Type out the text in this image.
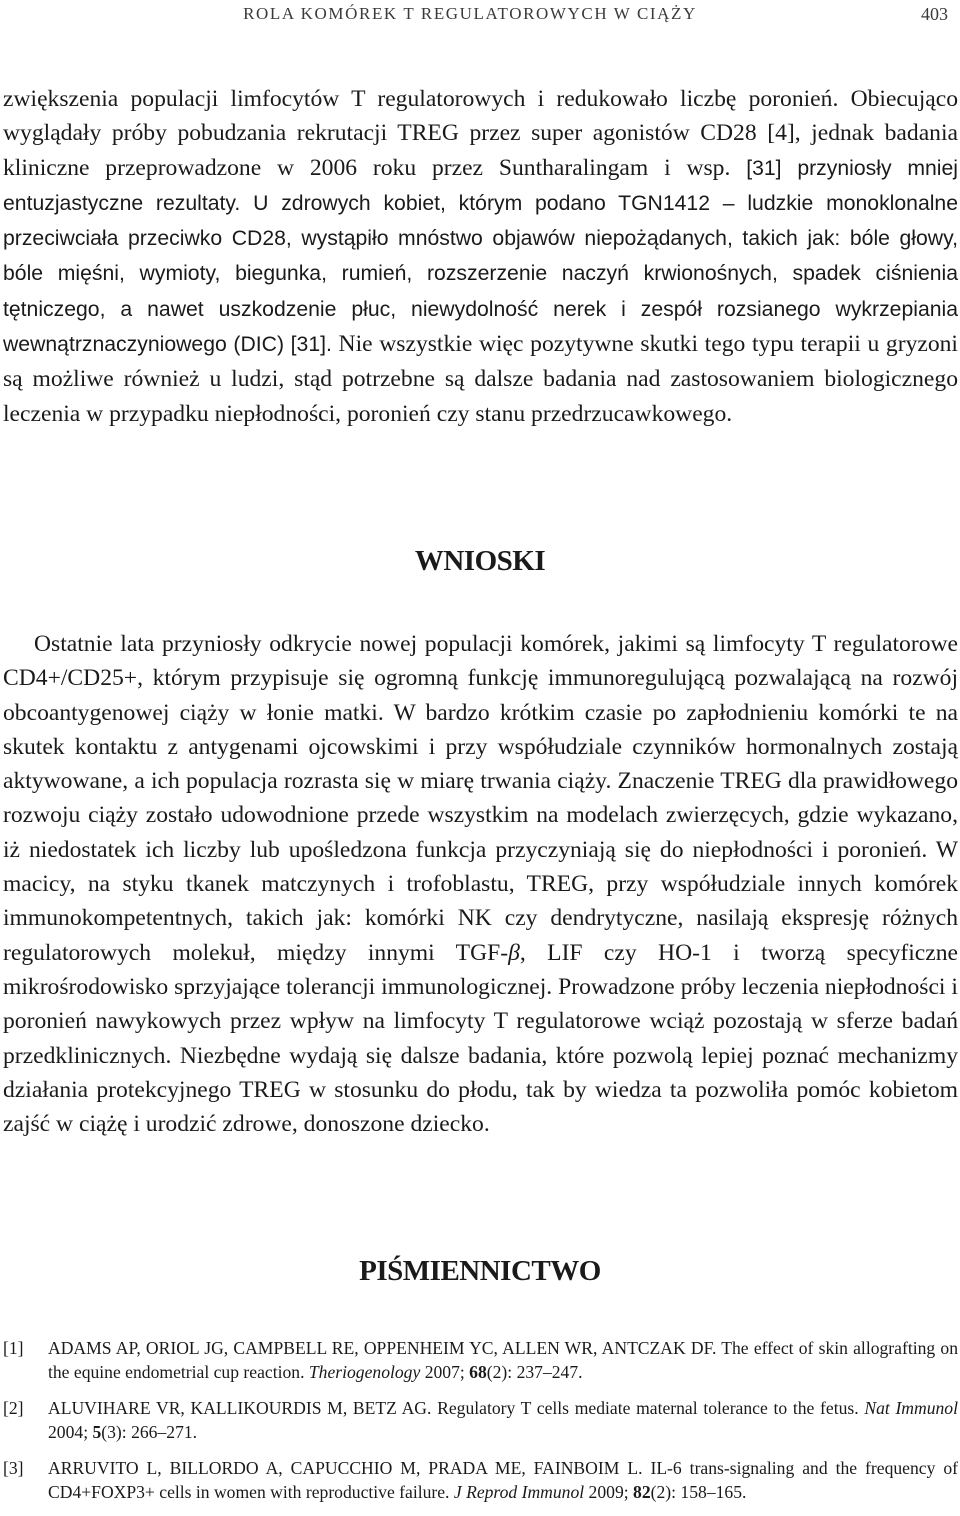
ROLA KOMÓREK T REGULATOROWYCH W CIĄŻY	403

zwiększenia populacji limfocytów T regulatorowych i redukowało liczbę poronień. Obiecująco wyglądały próby pobudzania rekrutacji TREG przez super agonistów CD28 [4], jednak badania kliniczne przeprowadzone w 2006 roku przez Suntharalingam i wsp. [31] przyniosły mniej entuzjastyczne rezultaty. U zdrowych kobiet, którym podano TGN1412 – ludzkie monoklonalne przeciwciała przeciwko CD28, wystąpiło mnóstwo objawów niepożądanych, takich jak: bóle głowy, bóle mięśni, wymioty, biegunka, rumień, rozszerzenie naczyń krwionośnych, spadek ciśnienia tętniczego, a nawet uszkodzenie płuc, niewydolność nerek i zespół rozsianego wykrzepiania wewnątrznaczyniowego (DIC) [31]. Nie wszystkie więc pozytywne skutki tego typu terapii u gryzoni są możliwe również u ludzi, stąd potrzebne są dalsze badania nad zastosowaniem biologicznego leczenia w przypadku niepłodności, poronień czy stanu przedrzucawkowego.

WNIOSKI

Ostatnie lata przyniosły odkrycie nowej populacji komórek, jakimi są limfocyty T regulatorowe CD4+/CD25+, którym przypisuje się ogromną funkcję immunoregulującą pozwalającą na rozwój obcoantygenowej ciąży w łonie matki. W bardzo krótkim czasie po zapłodnieniu komórki te na skutek kontaktu z antygenami ojcowskimi i przy współudziale czynników hormonalnych zostają aktywowane, a ich populacja rozrasta się w miarę trwania ciąży. Znaczenie TREG dla prawidłowego rozwoju ciąży zostało udowodnione przede wszystkim na modelach zwierzęcych, gdzie wykazano, iż niedostatek ich liczby lub upośledzona funkcja przyczyniają się do niepłodności i poronień. W macicy, na styku tkanek matczynych i trofoblastu, TREG, przy współudziale innych komórek immunokompetentnych, takich jak: komórki NK czy dendrytyczne, nasilają ekspresję różnych regulatorowych molekuł, między innymi TGF-β, LIF czy HO-1 i tworzą specyficzne mikrośrodowisko sprzyjające tolerancji immunologicznej. Prowadzone próby leczenia niepłodności i poronień nawykowych przez wpływ na limfocyty T regulatorowe wciąż pozostają w sferze badań przedklinicznych. Niezbędne wydają się dalsze badania, które pozwolą lepiej poznać mechanizmy działania protekcyjnego TREG w stosunku do płodu, tak by wiedza ta pozwoliła pomóc kobietom zajść w ciążę i urodzić zdrowe, donoszone dziecko.

PIŚMIENNICTWO
[1] ADAMS AP, ORIOL JG, CAMPBELL RE, OPPENHEIM YC, ALLEN WR, ANTCZAK DF. The effect of skin allografting on the equine endometrial cup reaction. Theriogenology 2007; 68(2): 237–247.
[2] ALUVIHARE VR, KALLIKOURDIS M, BETZ AG. Regulatory T cells mediate maternal tolerance to the fetus. Nat Immunol 2004; 5(3): 266–271.
[3] ARRUVITO L, BILLORDO A, CAPUCCHIO M, PRADA ME, FAINBOIM L. IL-6 trans-signaling and the frequency of CD4+FOXP3+ cells in women with reproductive failure. J Reprod Immunol 2009; 82(2): 158–165.
